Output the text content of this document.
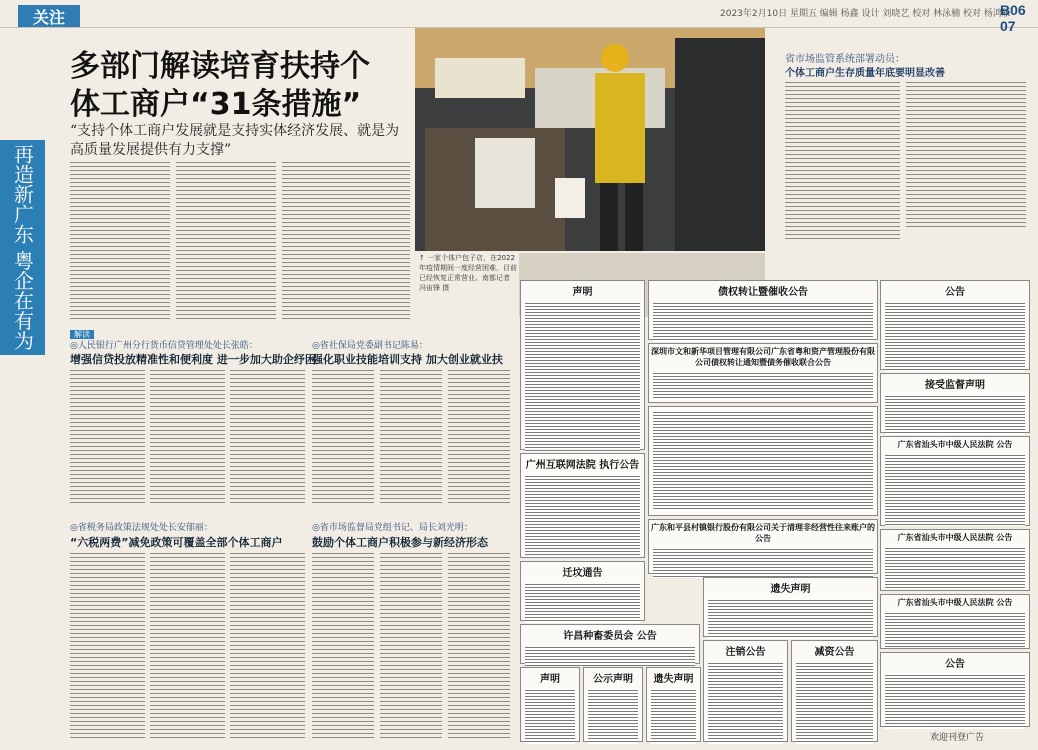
关注	2023年2月10日 星期五 编辑 杨鑫 设计 刘晓艺 校对 林泳楠 校对 杨鸿雁
B06 07
再造新广东 粤企在有为
多部门解读培育扶持个体工商户“31条措施”
“支持个体工商户发展就是支持实体经济发展、就是为高质量发展提供有力支撑”
↑ 一家个体户包子店，在2022年疫情期间一度经营困难，目前已经恢复正常营业。南都记者 冯宙锋 摄
省市场监管系统部署动员：
个体工商户生存质量年底要明显改善
解读
◎人民银行广州分行货币信贷管理处处长张皓：
增强信贷投放精准性和便利度 进一步加大助企纾困
◎省社保局党委副书记陈易：
强化职业技能培训支持 加大创业就业扶
◎省税务局政策法规处处长安郁丽：
“六税两费”减免政策可覆盖全部个体工商户
◎省市场监督局党组书记、局长刘光明：
鼓励个体工商户积极参与新经济形态
声明	债权转让暨催收公告	公告
深圳市文和新华项目管理有限公司广东省粤和资产管理股份有限公司债权转让通知暨债务催收联合公告
广州互联网法院 执行公告
接受监督声明
广东省汕头市中级人民法院 公告
迁坟通告
广东和平县村镇银行股份有限公司关于清理非经营性往来账户的公告	广东省汕头市中级人民法院 公告
许昌种畜委员会 公告
遗失声明
广东省汕头市中级人民法院 公告
声明	公示声明	遗失声明
注销公告	减资公告
公告
欢迎刊登广告
